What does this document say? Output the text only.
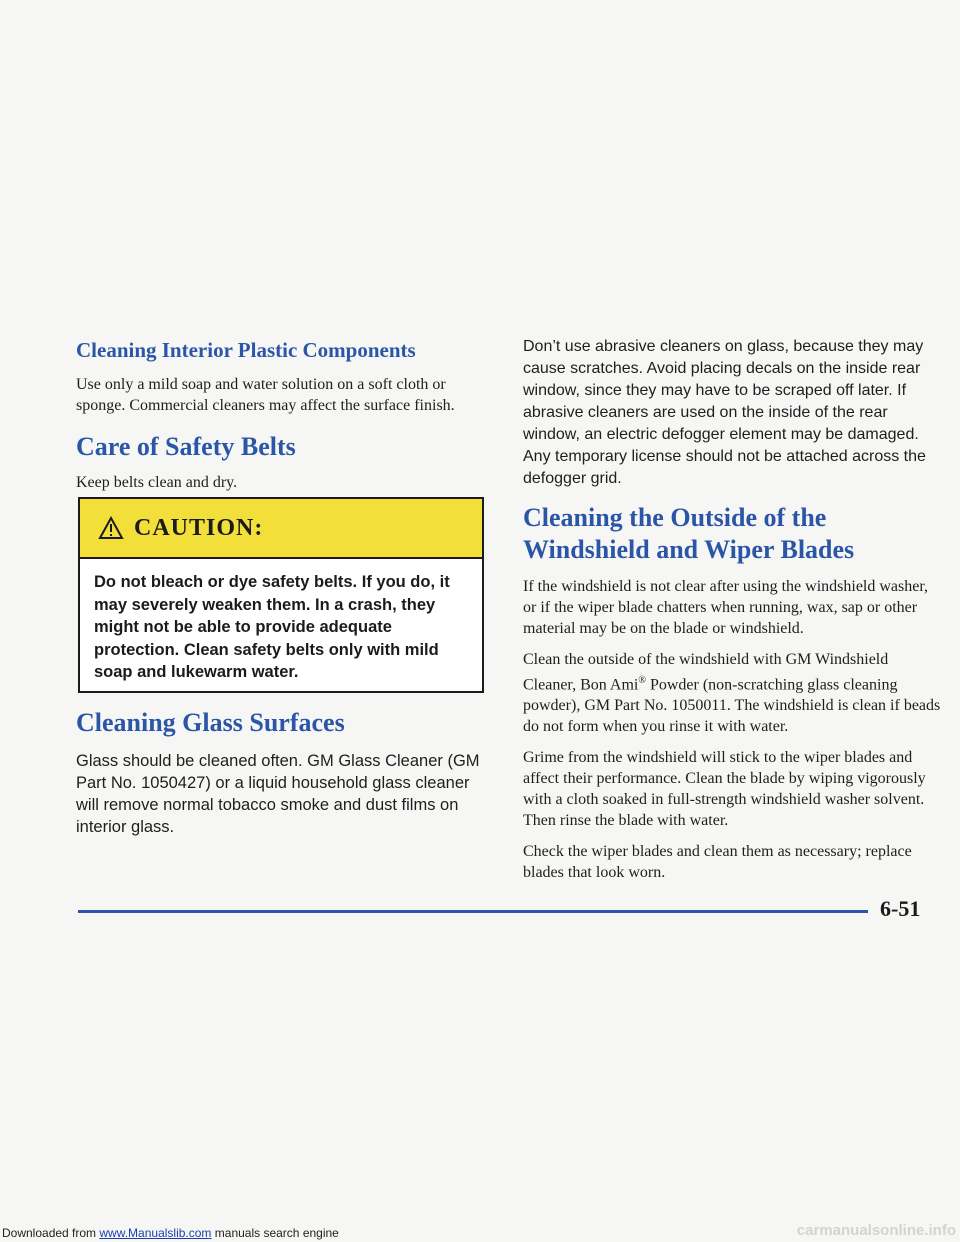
Cleaning Interior Plastic Components

Use only a mild soap and water solution on a soft cloth or sponge. Commercial cleaners may affect the surface finish.

Care of Safety Belts

Keep belts clean and dry.

CAUTION:
Do not bleach or dye safety belts. If you do, it may severely weaken them. In a crash, they might not be able to provide adequate protection. Clean safety belts only with mild soap and lukewarm water.
Cleaning Glass Surfaces

Glass should be cleaned often. GM Glass Cleaner (GM Part No. 1050427) or a liquid household glass cleaner will remove normal tobacco smoke and dust films on interior glass.

Don’t use abrasive cleaners on glass, because they may cause scratches. Avoid placing decals on the inside rear window, since they may have to be scraped off later. If abrasive cleaners are used on the inside of the rear window, an electric defogger element may be damaged. Any temporary license should not be attached across the defogger grid.

Cleaning the Outside of the Windshield and Wiper Blades

If the windshield is not clear after using the windshield washer, or if the wiper blade chatters when running, wax, sap or other material may be on the blade or windshield.

Clean the outside of the windshield with GM Windshield Cleaner, Bon Ami® Powder (non-scratching glass cleaning powder), GM Part No. 1050011. The windshield is clean if beads do not form when you rinse it with water.

Grime from the windshield will stick to the wiper blades and affect their performance. Clean the blade by wiping vigorously with a cloth soaked in full-strength windshield washer solvent. Then rinse the blade with water.

Check the wiper blades and clean them as necessary; replace blades that look worn.

6-51
Downloaded from www.Manualslib.com manuals search engine	carmanualsonline.info
